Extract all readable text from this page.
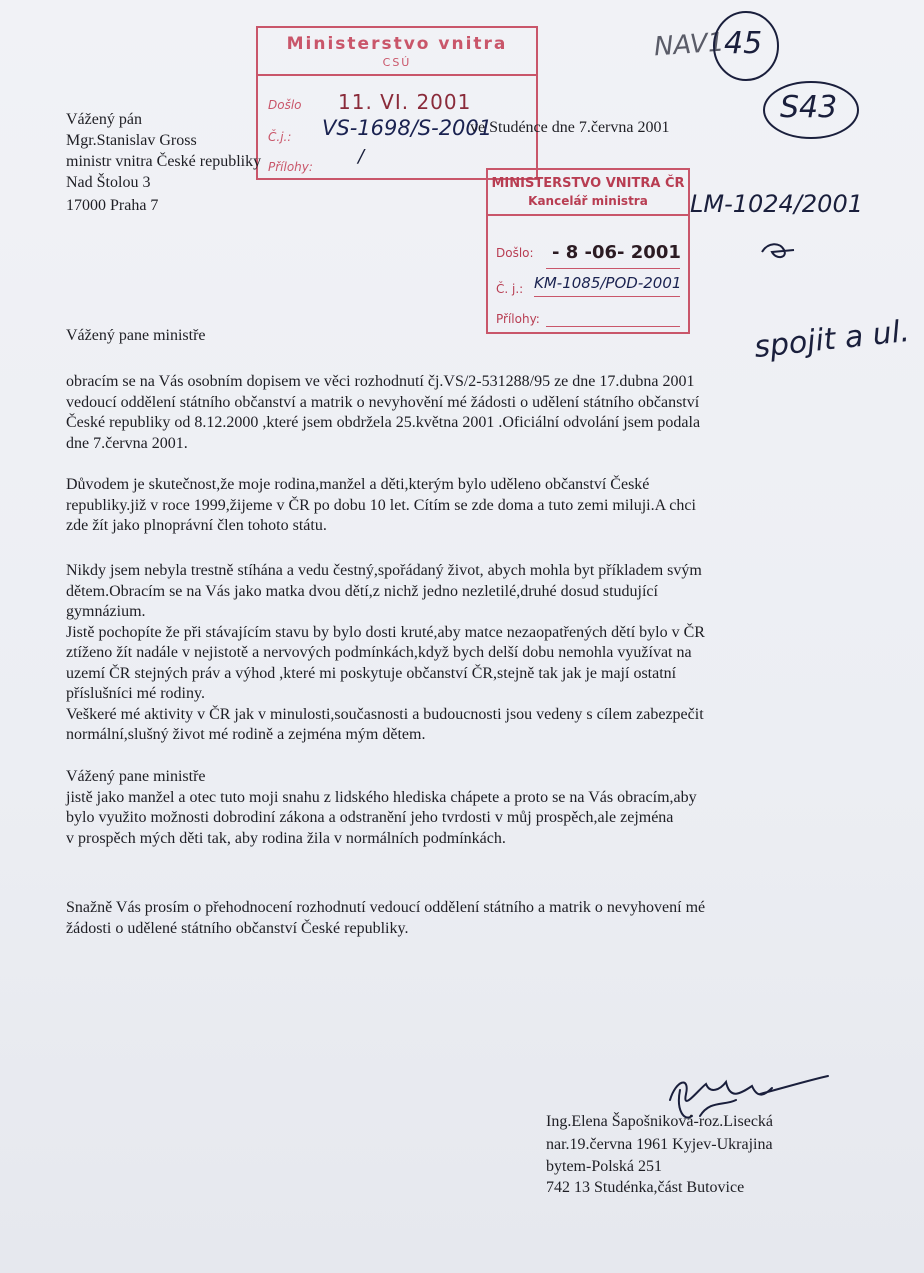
Ministerstvo vnitra
CSÚ
Došlo 11. VI. 2001
Č.j.: VS-1698/S-2001
Přílohy:	/
MINISTERSTVO VNITRA ČR
Kancelář ministra
Došlo: - 8 -06- 2001
Č. j.: KM-1085/POD-2001
Přílohy:
NAV1
45
S43
LM-1024/2001
spojit a ul.
Vážený pán
Mgr.Stanislav Gross
ministr vnitra České republiky
Nad Štolou 3
17000 Praha 7
ve Studénce dne 7.června 2001
Vážený pane ministře
obracím se na Vás osobním dopisem ve věci rozhodnutí čj.VS/2-531288/95 ze dne 17.dubna 2001
vedoucí oddělení státního občanství a matrik o nevyhovění mé žádosti o udělení státního občanství
České republiky od 8.12.2000 ,které jsem obdržela 25.května 2001 .Oficiální odvolání jsem podala
dne 7.června 2001.
Důvodem je skutečnost,že moje rodina,manžel a děti,kterým bylo uděleno občanství České
republiky.již v roce 1999,žijeme v ČR po dobu 10 let. Cítím se zde doma a tuto zemi miluji.A chci
zde žít jako plnoprávní člen tohoto státu.
Nikdy jsem nebyla trestně stíhána a vedu čestný,spořádaný život, abych mohla byt příkladem svým
dětem.Obracím se na Vás jako matka dvou dětí,z nichž jedno nezletilé,druhé dosud studující
gymnázium.
Jistě pochopíte že při stávajícím stavu by bylo dosti kruté,aby matce nezaopatřených dětí bylo v ČR
ztíženo žít nadále v nejistotě a nervových podmínkách,když bych delší dobu nemohla využívat na
uzemí ČR stejných práv a výhod ,které mi poskytuje občanství ČR,stejně tak jak je mají ostatní
příslušníci mé rodiny.
Veškeré mé aktivity v ČR jak v minulosti,současnosti a budoucnosti jsou vedeny s cílem zabezpečit
normální,slušný život mé rodině a zejména mým dětem.
Vážený pane ministře
jistě jako manžel a otec tuto moji snahu z lidského hlediska chápete a proto se na Vás obracím,aby
bylo využito možnosti dobrodiní zákona a odstranění jeho tvrdosti v můj prospěch,ale zejména
v prospěch mých děti tak, aby rodina žila v normálních podmínkách.
Snažně Vás prosím o přehodnocení rozhodnutí vedoucí oddělení státního a matrik o nevyhovení mé
žádosti o udělené státního občanství České republiky.
Ing.Elena Šapošniková-roz.Lisecká
nar.19.června 1961 Kyjev-Ukrajina
bytem-Polská 251
742 13 Studénka,část Butovice
